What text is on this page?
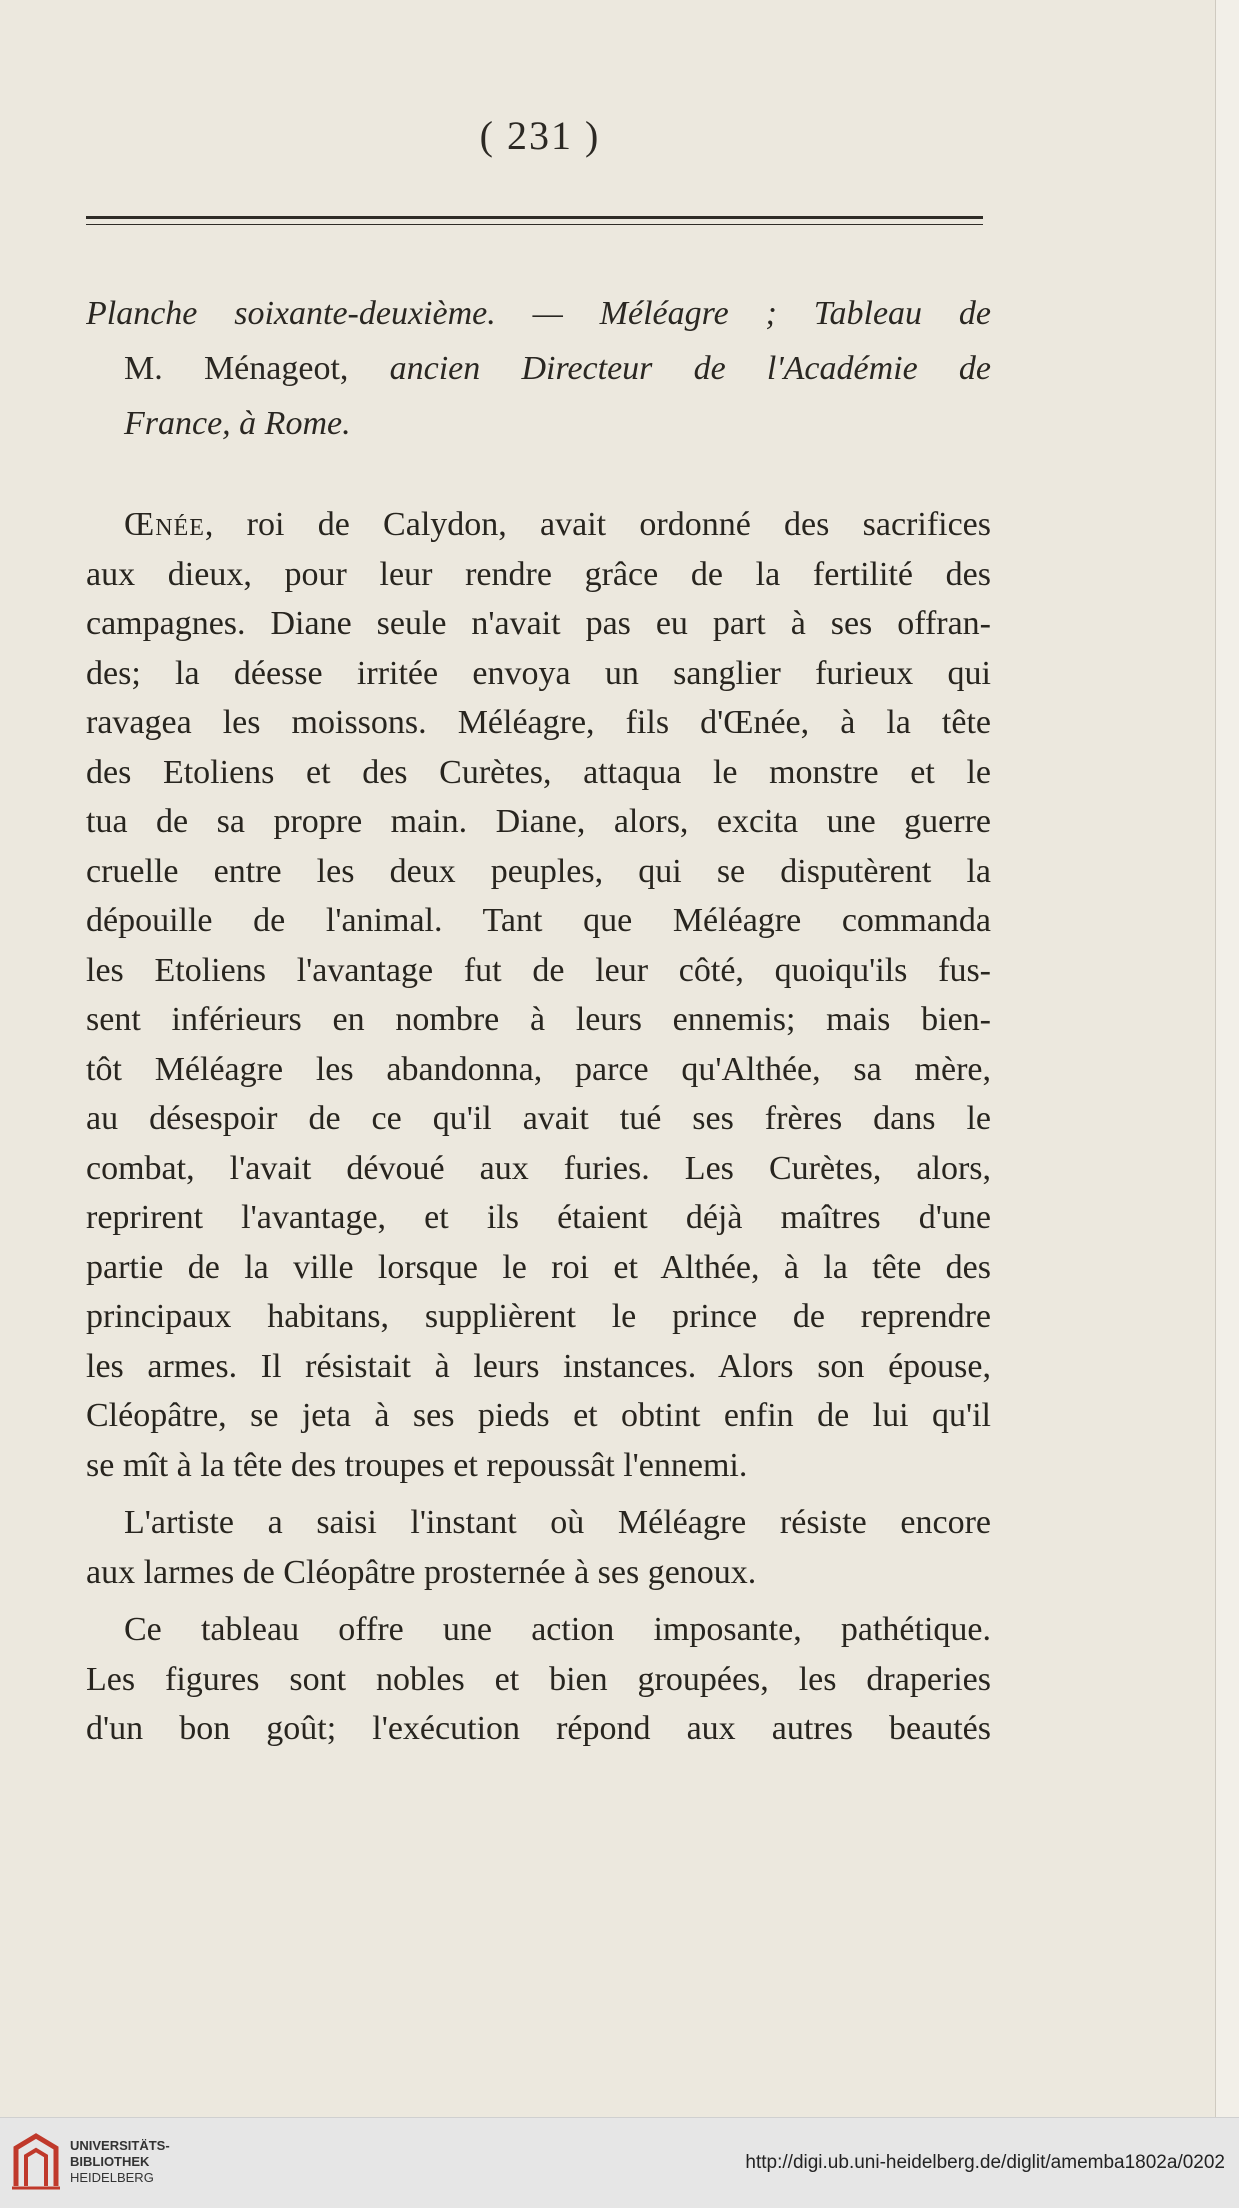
( 231 )
Planche soixante-deuxième. — Méléagre ; Tableau de
M. Ménageot, ancien Directeur de l'Académie de
France, à Rome.
Œnée, roi de Calydon, avait ordonné des sacrifices
aux dieux, pour leur rendre grâce de la fertilité des
campagnes. Diane seule n'avait pas eu part à ses offran-
des; la déesse irritée envoya un sanglier furieux qui
ravagea les moissons. Méléagre, fils d'Œnée, à la tête
des Etoliens et des Curètes, attaqua le monstre et le
tua de sa propre main. Diane, alors, excita une guerre
cruelle entre les deux peuples, qui se disputèrent la
dépouille de l'animal. Tant que Méléagre commanda
les Etoliens l'avantage fut de leur côté, quoiqu'ils fus-
sent inférieurs en nombre à leurs ennemis; mais bien-
tôt Méléagre les abandonna, parce qu'Althée, sa mère,
au désespoir de ce qu'il avait tué ses frères dans le
combat, l'avait dévoué aux furies. Les Curètes, alors,
reprirent l'avantage, et ils étaient déjà maîtres d'une
partie de la ville lorsque le roi et Althée, à la tête des
principaux habitans, supplièrent le prince de reprendre
les armes. Il résistait à leurs instances. Alors son épouse,
Cléopâtre, se jeta à ses pieds et obtint enfin de lui qu'il
se mît à la tête des troupes et repoussât l'ennemi.
L'artiste a saisi l'instant où Méléagre résiste encore
aux larmes de Cléopâtre prosternée à ses genoux.
Ce tableau offre une action imposante, pathétique.
Les figures sont nobles et bien groupées, les draperies
d'un bon goût; l'exécution répond aux autres beautés
UNIVERSITÄTS-
BIBLIOTHEK
HEIDELBERG
http://digi.ub.uni-heidelberg.de/diglit/amemba1802a/0202
